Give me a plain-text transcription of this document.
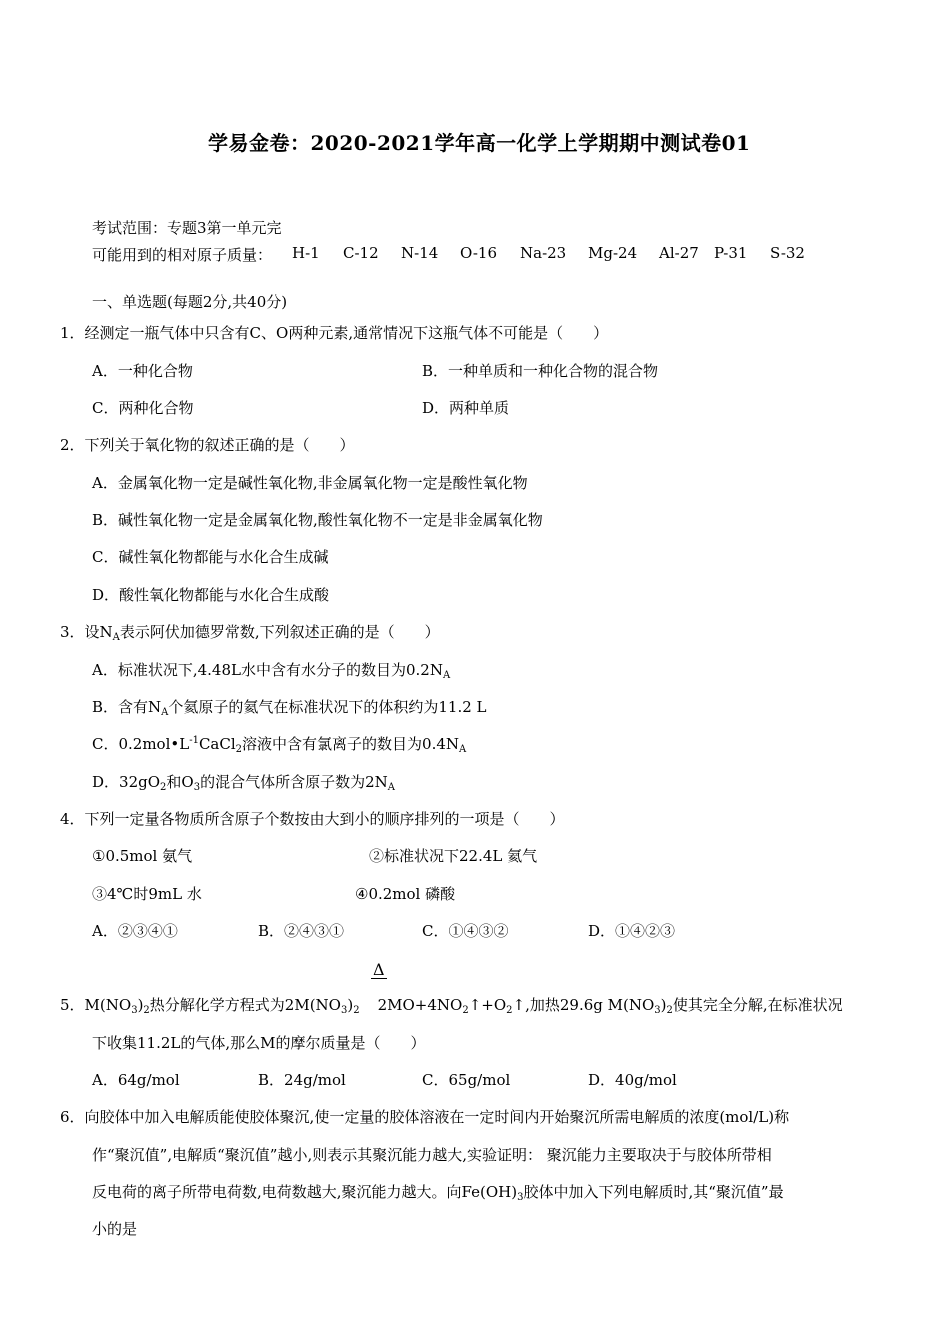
学易金卷：2020-2021学年高一化学上学期期中测试卷01
考试范围：专题3第一单元完
可能用到的相对原子质量： H-1 C-12 N-14 O-16 Na-23 Mg-24 Al-27 P-31 S-32
一、单选题(每题2分,共40分)
1．经测定一瓶气体中只含有C、O两种元素,通常情况下这瓶气体不可能是（　　）
A．一种化合物	B．一种单质和一种化合物的混合物
C．两种化合物	D．两种单质
2．下列关于氧化物的叙述正确的是（　　）
A．金属氧化物一定是碱性氧化物,非金属氧化物一定是酸性氧化物
B．碱性氧化物一定是金属氧化物,酸性氧化物不一定是非金属氧化物
C．碱性氧化物都能与水化合生成碱
D．酸性氧化物都能与水化合生成酸
3．设$N_A$表示阿伏加德罗常数,下列叙述正确的是（　　）
A．标准状况下,4.48L水中含有水分子的数目为$0.2N_A$
B．含有$N_A$个氦原子的氦气在标准状况下的体积约为11.2 L
C．$0.2mol•L^{-1}CaCl_2$溶液中含有氯离子的数目为$0.4N_A$
D．$32gO_2$和$O_3$的混合气体所含原子数为$2N_A$
4．下列一定量各物质所含原子个数按由大到小的顺序排列的一项是（　　）
①0.5mol 氨气	②标准状况下22.4L 氦气
③4℃时9mL 水	④0.2mol 磷酸
A．②③④①	B．②④③①	C．①④③②	D．①④②③
Δ
5．$M(NO_3)_2$热分解化学方程式为$2M(NO_3)_2$ $2MO+4NO_2↑+O_2↑$,加热29.6g $M(NO_3)_2$使其完全分解,在标准状况
下收集11.2L的气体,那么M的摩尔质量是（　　）
A．64g/mol	B．24g/mol	C．65g/mol	D．40g/mol
6．向胶体中加入电解质能使胶体聚沉,使一定量的胶体溶液在一定时间内开始聚沉所需电解质的浓度(mol/L)称
作“聚沉值”,电解质“聚沉值”越小,则表示其聚沉能力越大,实验证明： 聚沉能力主要取决于与胶体所带相
反电荷的离子所带电荷数,电荷数越大,聚沉能力越大。向$Fe(OH)_3$胶体中加入下列电解质时,其“聚沉值”最
小的是
